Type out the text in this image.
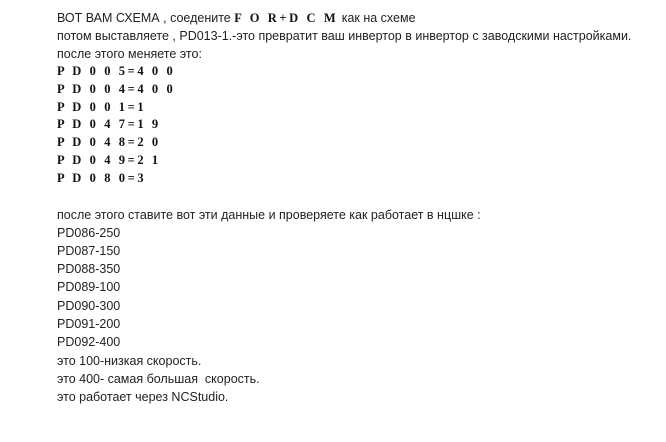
ВОТ ВАМ СХЕМА , соедените F O R+D C M как на схеме
потом выставляете , PD013-1.-это превратит ваш инвертор в инвертор с заводскими настройками.
после этого меняете это:
P D 0 0 5=4 0 0
P D 0 0 4=4 0 0
P D 0 0 1=1
P D 0 4 7=1 9
P D 0 4 8=2 0
P D 0 4 9=2 1
P D 0 8 0=3
после этого ставите вот эти данные и проверяете как работает в нцшке :
PD086-250
PD087-150
PD088-350
PD089-100
PD090-300
PD091-200
PD092-400
это 100-низкая скорость.
это 400- самая большая  скорость.
это работает через NCStudio.
